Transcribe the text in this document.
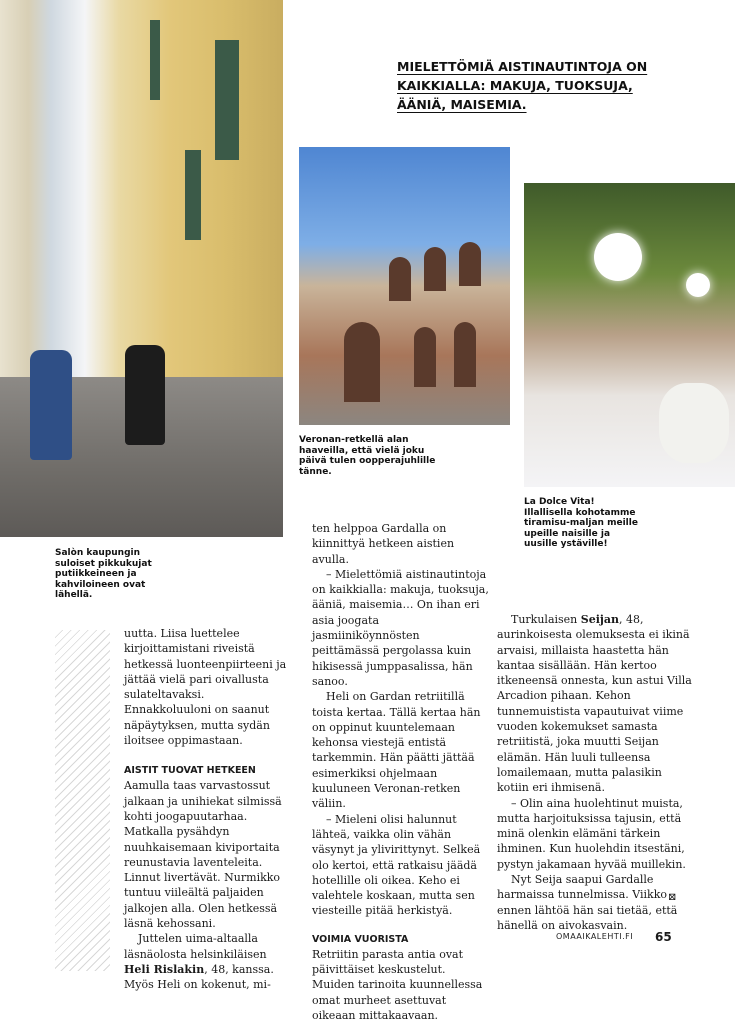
MIELETTÖMIÄ AISTINAUTINTOJA ON KAIKKIALLA: MAKUJA, TUOKSUJA, ÄÄNIÄ, MAISEMIA.
Salòn kaupungin suloiset pikkukujat putiikkeineen ja kahviloineen ovat lähellä.
Veronan-retkellä alan haaveilla, että vielä joku päivä tulen oopperajuhlille tänne.
La Dolce Vita! Illallisella kohotamme tiramisu-maljan meille upeille naisille ja uusille ystäville!

uutta. Liisa luettelee kirjoittamistani riveistä hetkessä luonteenpiirteeni ja jättää vielä pari oivallusta sulateltavaksi. Ennakkoluuloni on saanut näpäytyksen, mutta sydän iloitsee oppimastaan.

AISTIT TUOVAT HETKEEN

Aamulla taas varvastossut jalkaan ja unihiekat silmissä kohti joogapuutarhaa. Matkalla pysähdyn nuuhkaisemaan kiviportaita reunustavia laventeleita. Linnut livertävät. Nurmikko tuntuu viileältä paljaiden jalkojen alla. Olen hetkessä läsnä kehossani.

Juttelen uima-altaalla läsnäolosta helsinkiläisen Heli Rislakin, 48, kanssa. Myös Heli on kokenut, mi-

ten helppoa Gardalla on kiinnittyä hetkeen aistien avulla.

– Mielettömiä aistinautintoja on kaikkialla: makuja, tuoksuja, ääniä, maisemia… On ihan eri asia joogata jasmiiniköynnösten peittämässä pergolassa kuin hikisessä jumppasalissa, hän sanoo.

Heli on Gardan retriitillä toista kertaa. Tällä kertaa hän on oppinut kuuntelemaan kehonsa viestejä entistä tarkemmin. Hän päätti jättää esimerkiksi ohjelmaan kuuluneen Veronan-retken väliin.

– Mieleni olisi halunnut lähteä, vaikka olin vähän väsynyt ja ylivirittynyt. Selkeä olo kertoi, että ratkaisu jäädä hotellille oli oikea. Keho ei valehtele koskaan, mutta sen viesteille pitää herkistyä.

VOIMIA VUORISTA

Retriitin parasta antia ovat päivittäiset keskustelut. Muiden tarinoita kuunnellessa omat murheet asettuvat oikeaan mittakaavaan.

Turkulaisen Seijan, 48, aurinkoisesta olemuksesta ei ikinä arvaisi, millaista haastetta hän kantaa sisällään. Hän kertoo itkeneensä onnesta, kun astui Villa Arcadion pihaan. Kehon tunnemuistista vapautuivat viime vuoden kokemukset samasta retriitistä, joka muutti Seijan elämän. Hän luuli tulleensa lomailemaan, mutta palasikin kotiin eri ihmisenä.

– Olin aina huolehtinut muista, mutta harjoituksissa tajusin, että minä olenkin elämäni tärkein ihminen. Kun huolehdin itsestäni, pystyn jakamaan hyvää muillekin.

Nyt Seija saapui Gardalle harmaissa tunnelmissa. Viikko ennen lähtöä hän sai tietää, että hänellä on aivokasvain.

⊠
OMAAIKALEHTI.FI 65
